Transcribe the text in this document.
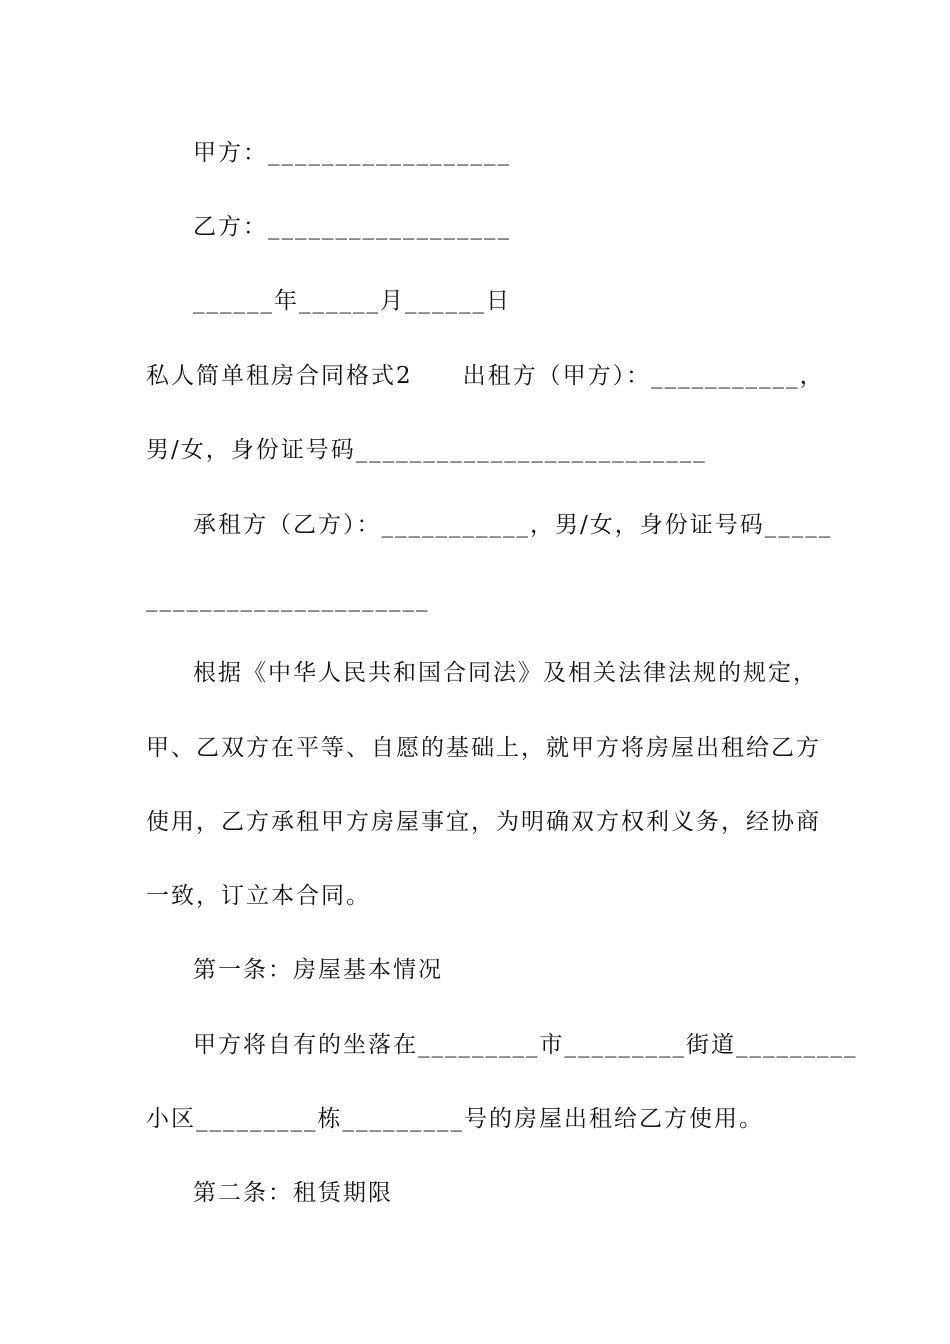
甲方：__________________
乙方：__________________
______年______月______日
私人简单租房合同格式2　　出租方（甲方）：___________，
男/女，身份证号码__________________________
承租方（乙方）：___________，男/女，身份证号码_____
_____________________
根据《中华人民共和国合同法》及相关法律法规的规定，
甲、乙双方在平等、自愿的基础上，就甲方将房屋出租给乙方
使用，乙方承租甲方房屋事宜，为明确双方权利义务，经协商
一致，订立本合同。
第一条：房屋基本情况
甲方将自有的坐落在_________市_________街道_________
小区_________栋_________号的房屋出租给乙方使用。
第二条：租赁期限
